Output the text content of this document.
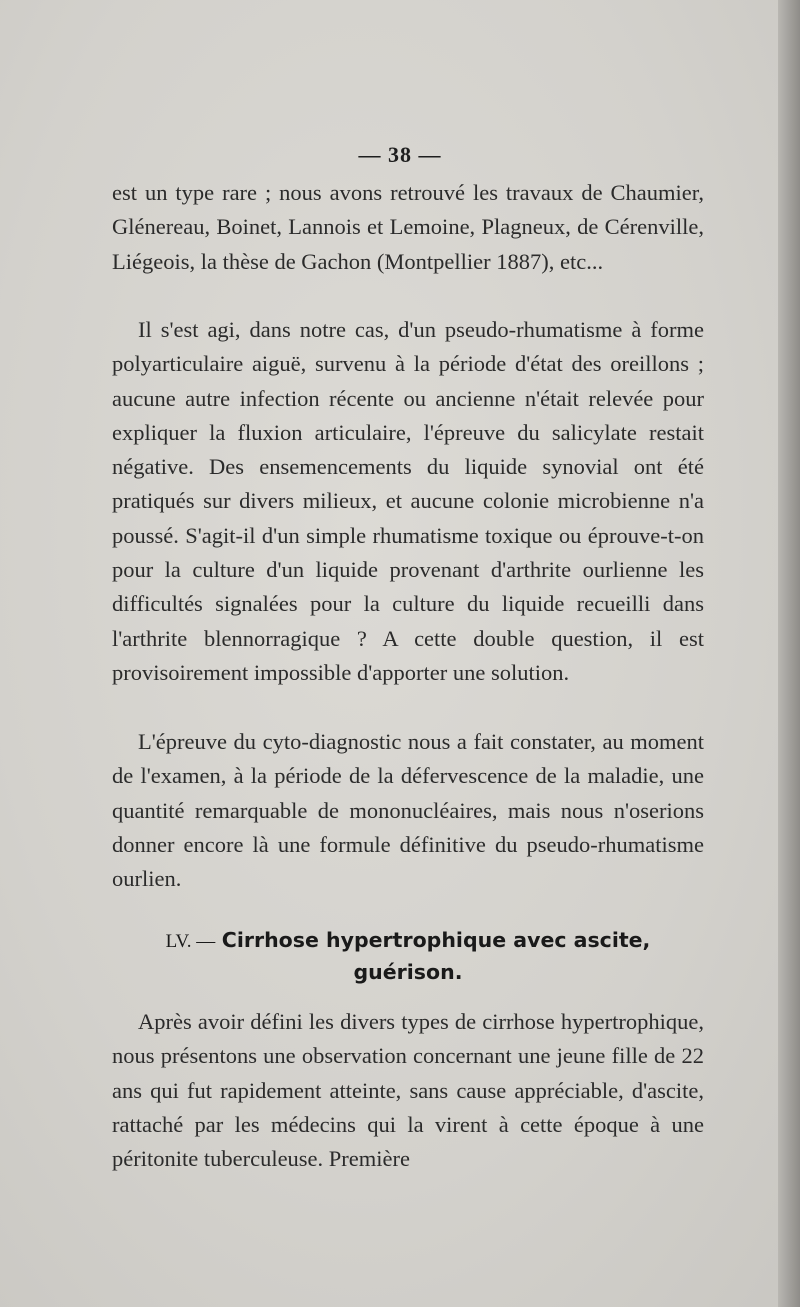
— 38 —

est un type rare ; nous avons retrouvé les travaux de Chaumier, Glénereau, Boinet, Lannois et Lemoine, Plagneux, de Cérenville, Liégeois, la thèse de Gachon (Montpellier 1887), etc...

Il s'est agi, dans notre cas, d'un pseudo-rhumatisme à forme polyarticulaire aiguë, survenu à la période d'état des oreillons ; aucune autre infection récente ou ancienne n'était relevée pour expliquer la fluxion articulaire, l'épreuve du salicylate restait négative. Des ensemencements du liquide synovial ont été pratiqués sur divers milieux, et aucune colonie microbienne n'a poussé. S'agit-il d'un simple rhumatisme toxique ou éprouve-t-on pour la culture d'un liquide provenant d'arthrite ourlienne les difficultés signalées pour la culture du liquide recueilli dans l'arthrite blennorragique ? A cette double question, il est provisoirement impossible d'apporter une solution.

L'épreuve du cyto-diagnostic nous a fait constater, au moment de l'examen, à la période de la défervescence de la maladie, une quantité remarquable de mononucléaires, mais nous n'oserions donner encore là une formule définitive du pseudo-rhumatisme ourlien.

LV. — Cirrhose hypertrophique avec ascite, guérison.

Après avoir défini les divers types de cirrhose hypertrophique, nous présentons une observation concernant une jeune fille de 22 ans qui fut rapidement atteinte, sans cause appréciable, d'ascite, rattaché par les médecins qui la virent à cette époque à une péritonite tuberculeuse. Première
